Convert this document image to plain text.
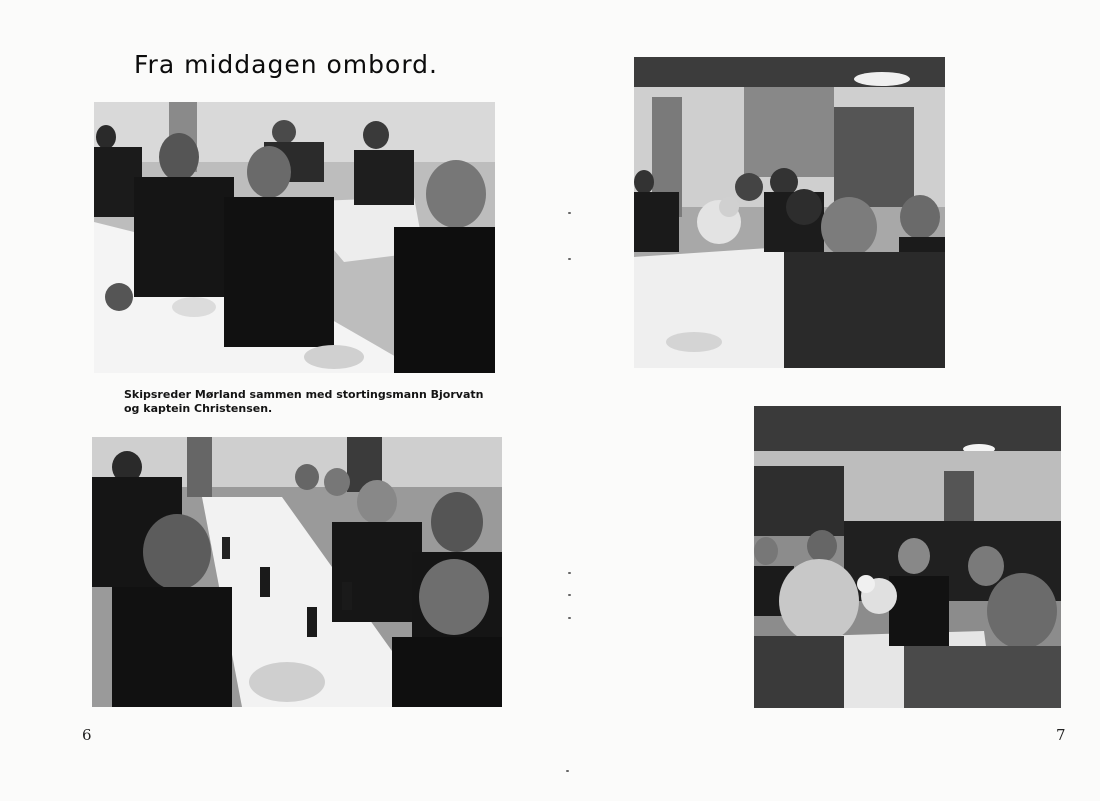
Fra middagen ombord.
Skipsreder Mørland sammen med stortingsmann Bjorvatn
og kaptein Christensen.
6	7
